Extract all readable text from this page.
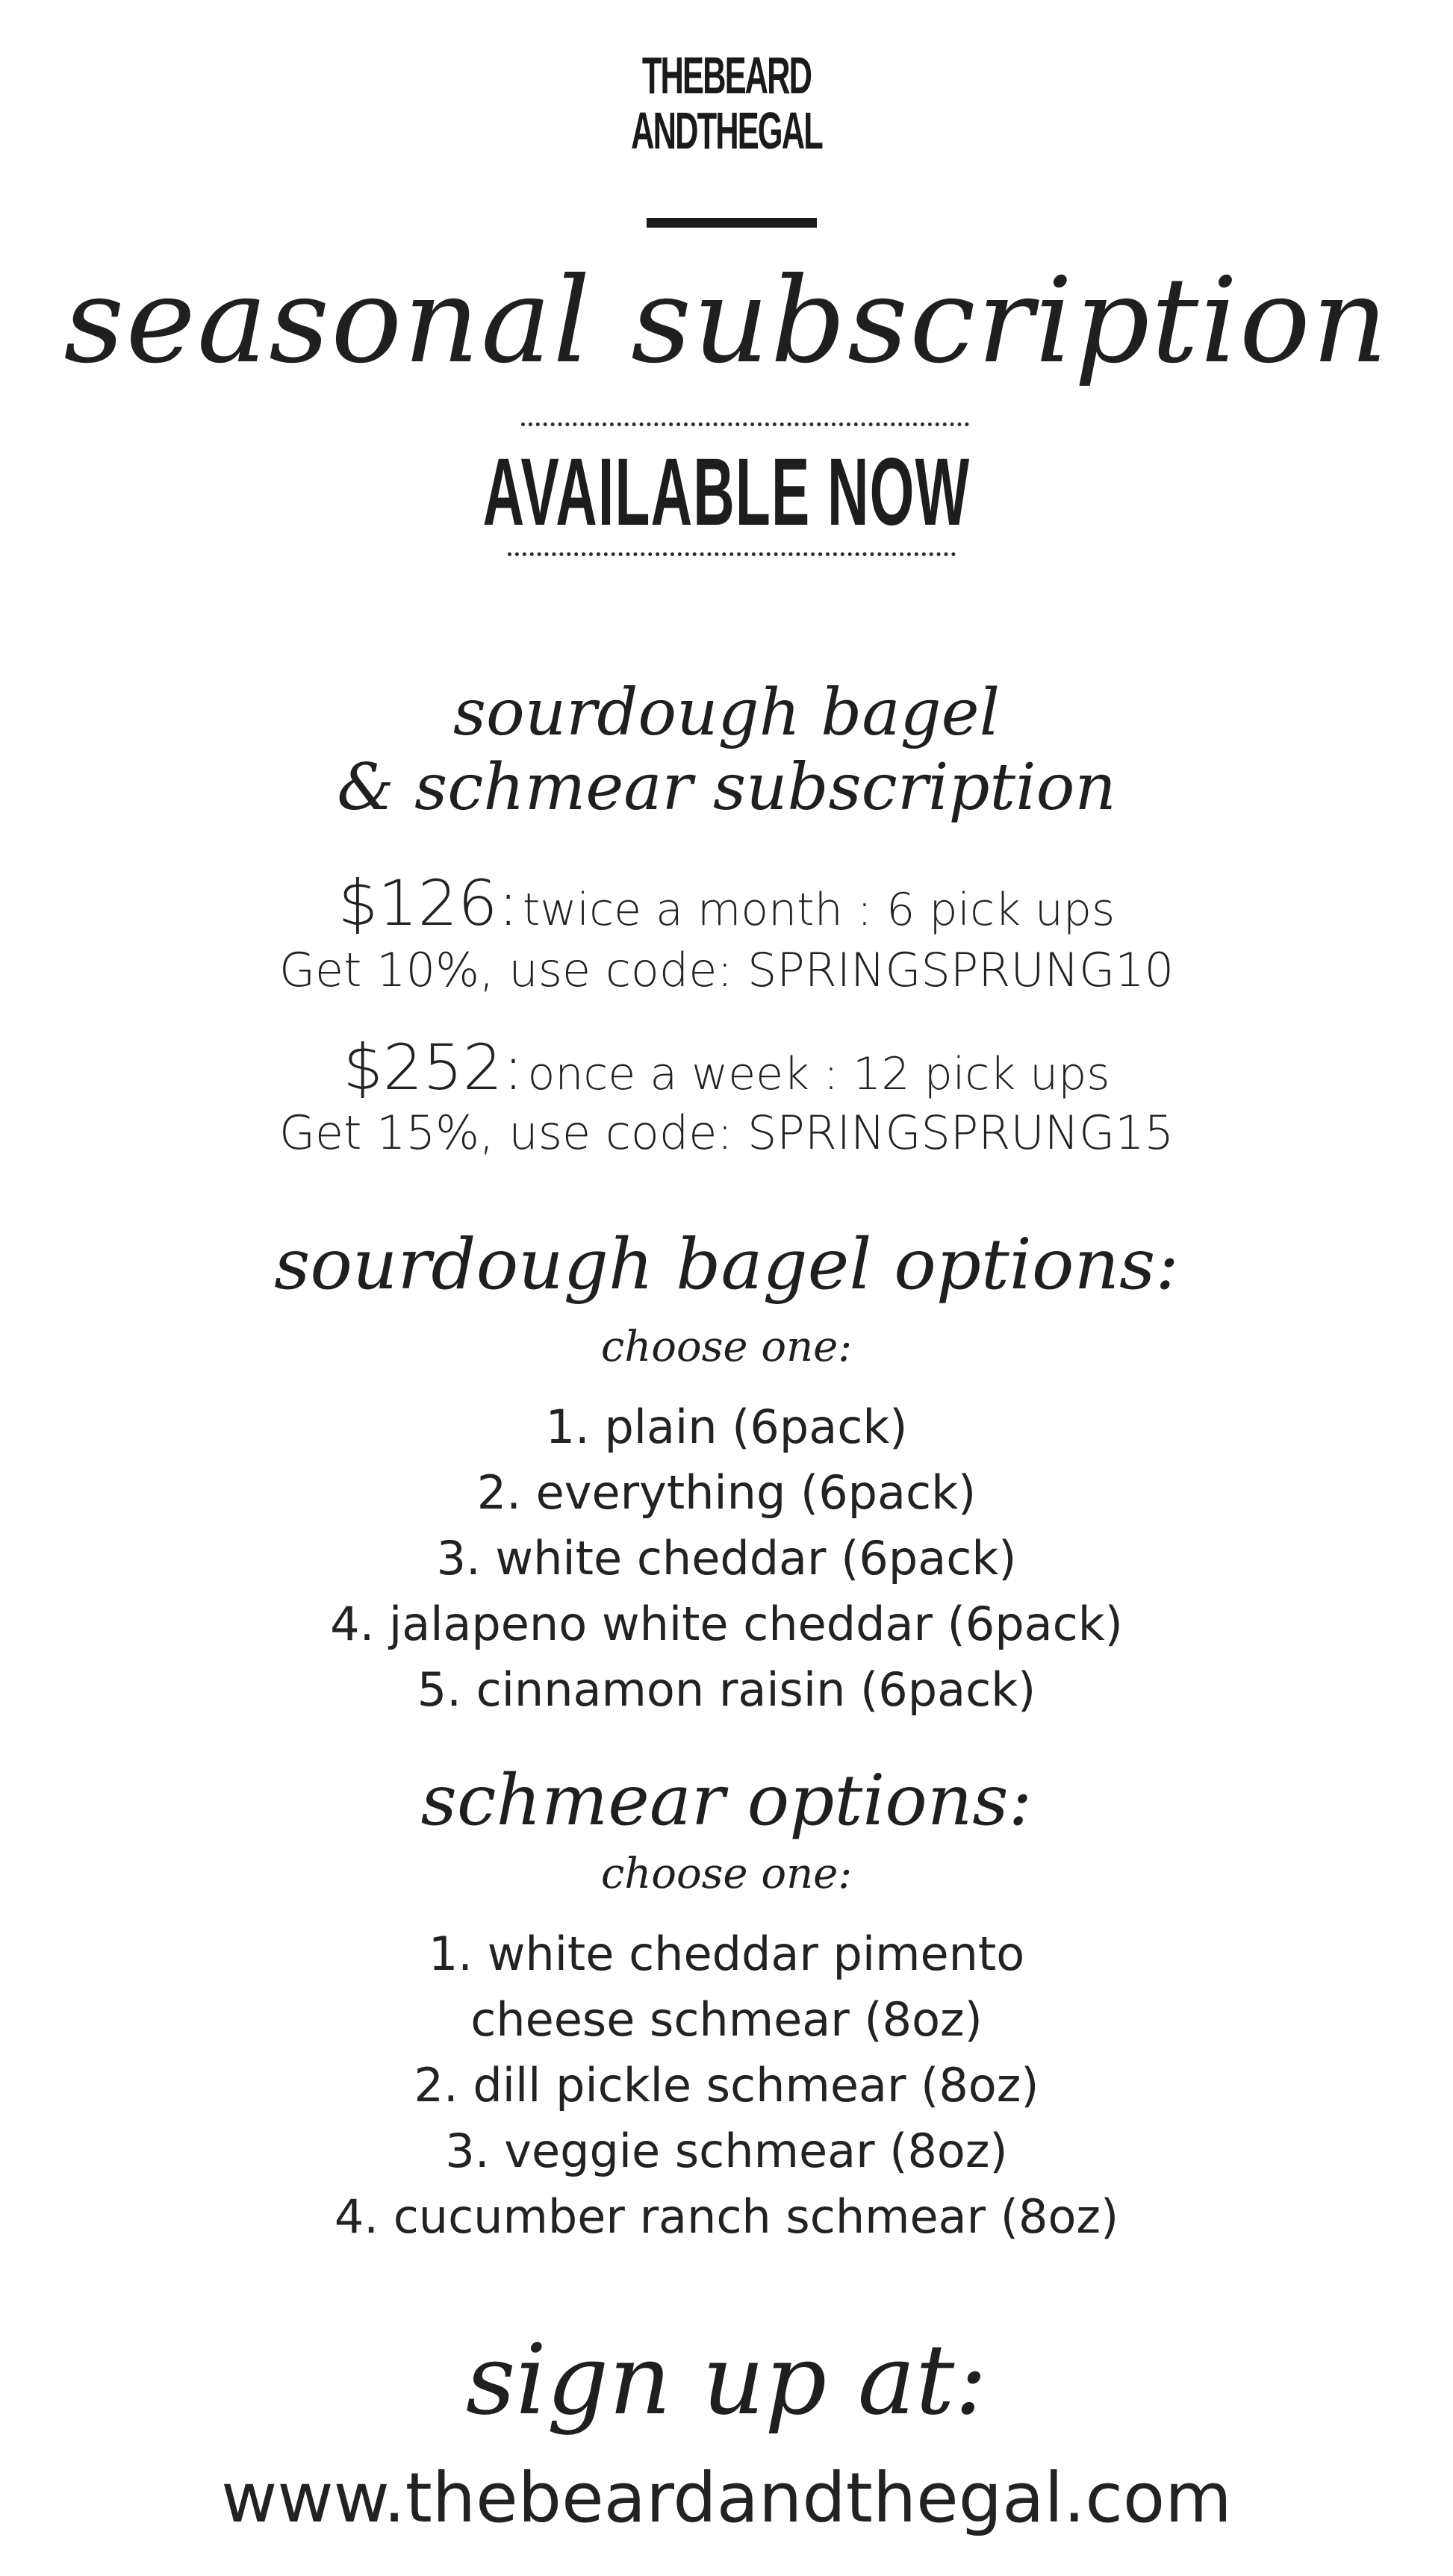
THEBEARD
ANDTHEGAL
seasonal subscription
AVAILABLE NOW
sourdough bagel
& schmear subscription
$126: twice a month : 6 pick ups
Get 10%, use code: SPRINGSPRUNG10
$252: once a week : 12 pick ups
Get 15%, use code: SPRINGSPRUNG15
sourdough bagel options:
choose one:
1. plain (6pack)
2. everything (6pack)
3. white cheddar (6pack)
4. jalapeno white cheddar (6pack)
5. cinnamon raisin (6pack)
schmear options:
choose one:
1. white cheddar pimento
cheese schmear (8oz)
2. dill pickle schmear (8oz)
3. veggie schmear (8oz)
4. cucumber ranch schmear (8oz)
sign up at:
www.thebeardandthegal.com
